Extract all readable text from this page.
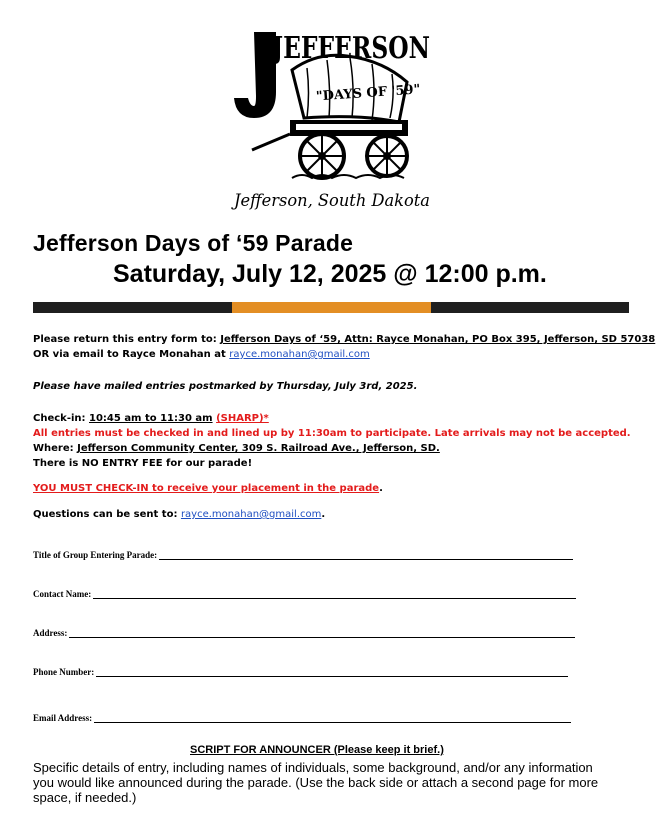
JEFFERSON
"DAYS OF '59"
Jefferson, South Dakota
Jefferson Days of ‘59 Parade
Saturday, July 12, 2025 @ 12:00 p.m.
Please return this entry form to: Jefferson Days of ‘59, Attn: Rayce Monahan, PO Box 395, Jefferson, SD 57038
OR via email to Rayce Monahan at rayce.monahan@gmail.com
Please have mailed entries postmarked by Thursday, July 3rd, 2025.
Check-in: 10:45 am to 11:30 am (SHARP)*
All entries must be checked in and lined up by 11:30am to participate. Late arrivals may not be accepted.
Where: Jefferson Community Center, 309 S. Railroad Ave., Jefferson, SD.
There is NO ENTRY FEE for our parade!
YOU MUST CHECK-IN to receive your placement in the parade.
Questions can be sent to: rayce.monahan@gmail.com.
Title of Group Entering Parade:
Contact Name:
Address:
Phone Number:
Email Address:
SCRIPT FOR ANNOUNCER (Please keep it brief.)
Specific details of entry, including names of individuals, some background, and/or any information you would like announced during the parade. (Use the back side or attach a second page for more space, if needed.)
